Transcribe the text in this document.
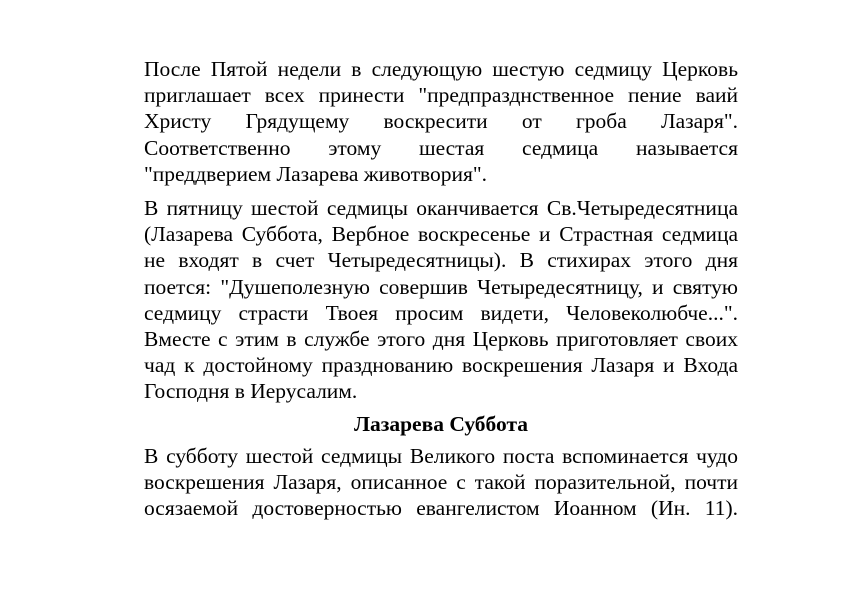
После Пятой недели в следующую шестую седмицу Церковь приглашает всех принести "предпразднственное пение ваий Христу Грядущему воскресити от гроба Лазаря". Соответственно этому шестая седмица называется "преддверием Лазарева животвория".

В пятницу шестой седмицы оканчивается Св.Четыредесятница (Лазарева Суббота, Вербное воскресенье и Страстная седмица не входят в счет Четыредесятницы). В стихирах этого дня поется: "Душеполезную совершив Четыредесятницу, и святую седмицу страсти Твоея просим видети, Человеколюбче...". Вместе с этим в службе этого дня Церковь приготовляет своих чад к достойному празднованию воскрешения Лазаря и Входа Господня в Иерусалим.

Лазарева Суббота

В субботу шестой седмицы Великого поста вспоминается чудо воскрешения Лазаря, описанное с такой поразительной, почти осязаемой достоверностью евангелистом Иоанном (Ин. 11).
